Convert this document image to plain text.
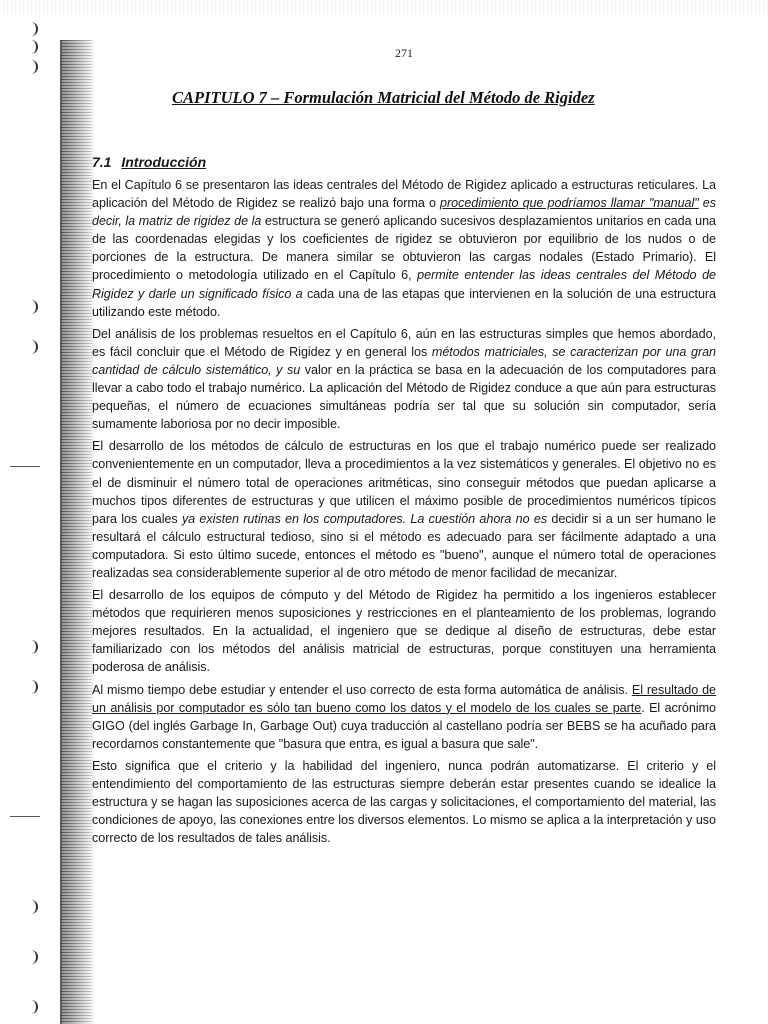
271
CAPITULO 7 – Formulación Matricial del Método de Rigidez
7.1 Introducción

En el Capítulo 6 se presentaron las ideas centrales del Método de Rigidez aplicado a estructuras reticulares. La aplicación del Método de Rigidez se realizó bajo una forma o procedimiento que podríamos llamar "manual" es decir, la matriz de rigidez de la estructura se generó aplicando sucesivos desplazamientos unitarios en cada una de las coordenadas elegidas y los coeficientes de rigidez se obtuvieron por equilibrio de los nudos o de porciones de la estructura. De manera similar se obtuvieron las cargas nodales (Estado Primario). El procedimiento o metodología utilizado en el Capítulo 6, permite entender las ideas centrales del Método de Rigidez y darle un significado físico a cada una de las etapas que intervienen en la solución de una estructura utilizando este método.

Del análisis de los problemas resueltos en el Capítulo 6, aún en las estructuras simples que hemos abordado, es fácil concluir que el Método de Rigidez y en general los métodos matriciales, se caracterizan por una gran cantidad de cálculo sistemático, y su valor en la práctica se basa en la adecuación de los computadores para llevar a cabo todo el trabajo numérico. La aplicación del Método de Rigidez conduce a que aún para estructuras pequeñas, el número de ecuaciones simultáneas podría ser tal que su solución sin computador, sería sumamente laboriosa por no decir imposible.

El desarrollo de los métodos de cálculo de estructuras en los que el trabajo numérico puede ser realizado convenientemente en un computador, lleva a procedimientos a la vez sistemáticos y generales. El objetivo no es el de disminuir el número total de operaciones aritméticas, sino conseguir métodos que puedan aplicarse a muchos tipos diferentes de estructuras y que utilicen el máximo posible de procedimientos numéricos típicos para los cuales ya existen rutinas en los computadores. La cuestión ahora no es decidir si a un ser humano le resultará el cálculo estructural tedioso, sino si el método es adecuado para ser fácilmente adaptado a una computadora. Si esto último sucede, entonces el método es "bueno", aunque el número total de operaciones realizadas sea considerablemente superior al de otro método de menor facilidad de mecanizar.

El desarrollo de los equipos de cómputo y del Método de Rigidez ha permitido a los ingenieros establecer métodos que requirieren menos suposiciones y restricciones en el planteamiento de los problemas, logrando mejores resultados. En la actualidad, el ingeniero que se dedique al diseño de estructuras, debe estar familiarizado con los métodos del análisis matricial de estructuras, porque constituyen una herramienta poderosa de análisis.

Al mismo tiempo debe estudiar y entender el uso correcto de esta forma automática de análisis. El resultado de un análisis por computador es sólo tan bueno como los datos y el modelo de los cuales se parte. El acrónimo GIGO (del inglés Garbage In, Garbage Out) cuya traducción al castellano podría ser BEBS se ha acuñado para recordarnos constantemente que "basura que entra, es igual a basura que sale".

Esto significa que el criterio y la habilidad del ingeniero, nunca podrán automatizarse. El criterio y el entendimiento del comportamiento de las estructuras siempre deberán estar presentes cuando se idealice la estructura y se hagan las suposiciones acerca de las cargas y solicitaciones, el comportamiento del material, las condiciones de apoyo, las conexiones entre los diversos elementos. Lo mismo se aplica a la interpretación y uso correcto de los resultados de tales análisis.
